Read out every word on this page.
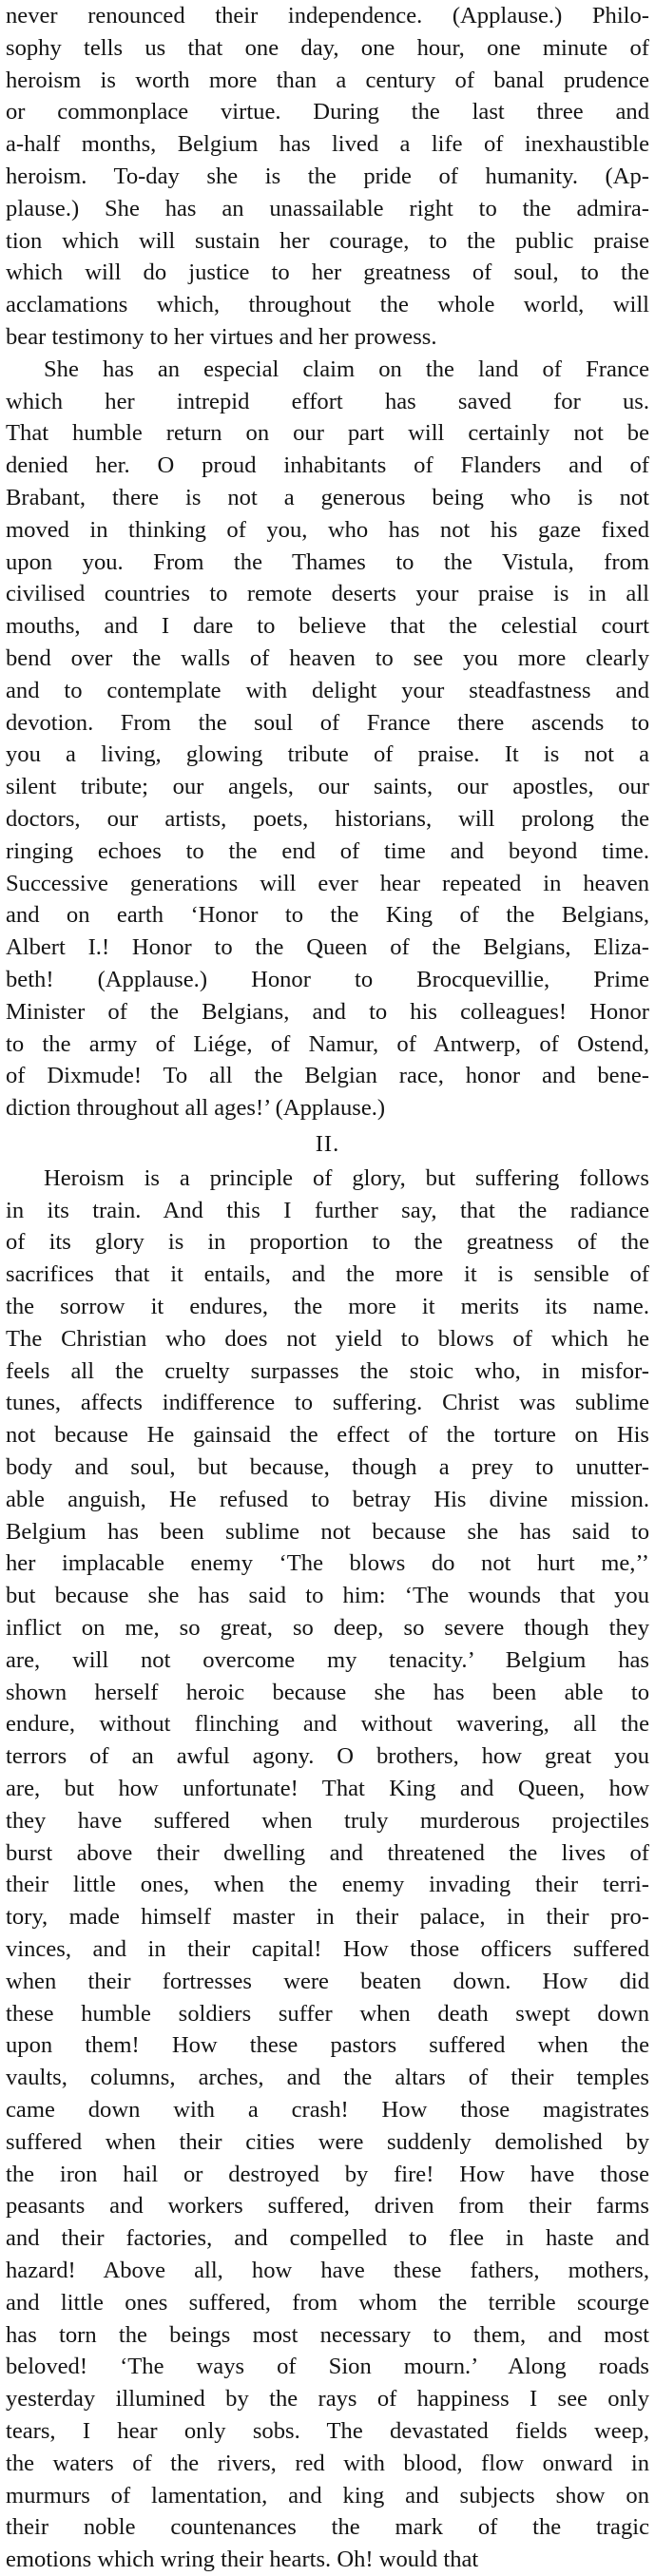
never renounced their independence. (Applause.) Philo-
sophy tells us that one day, one hour, one minute of
heroism is worth more than a century of banal prudence
or commonplace virtue. During the last three and
a-half months, Belgium has lived a life of inexhaustible
heroism. To-day she is the pride of humanity. (Ap-
plause.) She has an unassailable right to the admira-
tion which will sustain her courage, to the public praise
which will do justice to her greatness of soul, to the
acclamations which, throughout the whole world, will
bear testimony to her virtues and her prowess.
She has an especial claim on the land of France
which her intrepid effort has saved for us.
That humble return on our part will certainly not be
denied her. O proud inhabitants of Flanders and of
Brabant, there is not a generous being who is not
moved in thinking of you, who has not his gaze fixed
upon you. From the Thames to the Vistula, from
civilised countries to remote deserts your praise is in all
mouths, and I dare to believe that the celestial court
bend over the walls of heaven to see you more clearly
and to contemplate with delight your steadfastness and
devotion. From the soul of France there ascends to
you a living, glowing tribute of praise. It is not a
silent tribute; our angels, our saints, our apostles, our
doctors, our artists, poets, historians, will prolong the
ringing echoes to the end of time and beyond time.
Successive generations will ever hear repeated in heaven
and on earth ‘Honor to the King of the Belgians,
Albert I.! Honor to the Queen of the Belgians, Eliza-
beth! (Applause.) Honor to Brocquevillie, Prime
Minister of the Belgians, and to his colleagues! Honor
to the army of Liége, of Namur, of Antwerp, of Ostend,
of Dixmude! To all the Belgian race, honor and bene-
diction throughout all ages!’ (Applause.)
II.
Heroism is a principle of glory, but suffering follows
in its train. And this I further say, that the radiance
of its glory is in proportion to the greatness of the
sacrifices that it entails, and the more it is sensible of
the sorrow it endures, the more it merits its name.
The Christian who does not yield to blows of which he
feels all the cruelty surpasses the stoic who, in misfor-
tunes, affects indifference to suffering. Christ was sublime
not because He gainsaid the effect of the torture on His
body and soul, but because, though a prey to unutter-
able anguish, He refused to betray His divine mission.
Belgium has been sublime not because she has said to
her implacable enemy ‘The blows do not hurt me,’’
but because she has said to him: ‘The wounds that you
inflict on me, so great, so deep, so severe though they
are, will not overcome my tenacity.’ Belgium has
shown herself heroic because she has been able to
endure, without flinching and without wavering, all the
terrors of an awful agony. O brothers, how great you
are, but how unfortunate! That King and Queen, how
they have suffered when truly murderous projectiles
burst above their dwelling and threatened the lives of
their little ones, when the enemy invading their terri-
tory, made himself master in their palace, in their pro-
vinces, and in their capital! How those officers suffered
when their fortresses were beaten down. How did
these humble soldiers suffer when death swept down
upon them! How these pastors suffered when the
vaults, columns, arches, and the altars of their temples
came down with a crash! How those magistrates
suffered when their cities were suddenly demolished by
the iron hail or destroyed by fire! How have those
peasants and workers suffered, driven from their farms
and their factories, and compelled to flee in haste and
hazard! Above all, how have these fathers, mothers,
and little ones suffered, from whom the terrible scourge
has torn the beings most necessary to them, and most
beloved! ‘The ways of Sion mourn.’ Along roads
yesterday illumined by the rays of happiness I see only
tears, I hear only sobs. The devastated fields weep,
the waters of the rivers, red with blood, flow onward in
murmurs of lamentation, and king and subjects show on
their noble countenances the mark of the tragic
emotions which wring their hearts. Oh! would that
